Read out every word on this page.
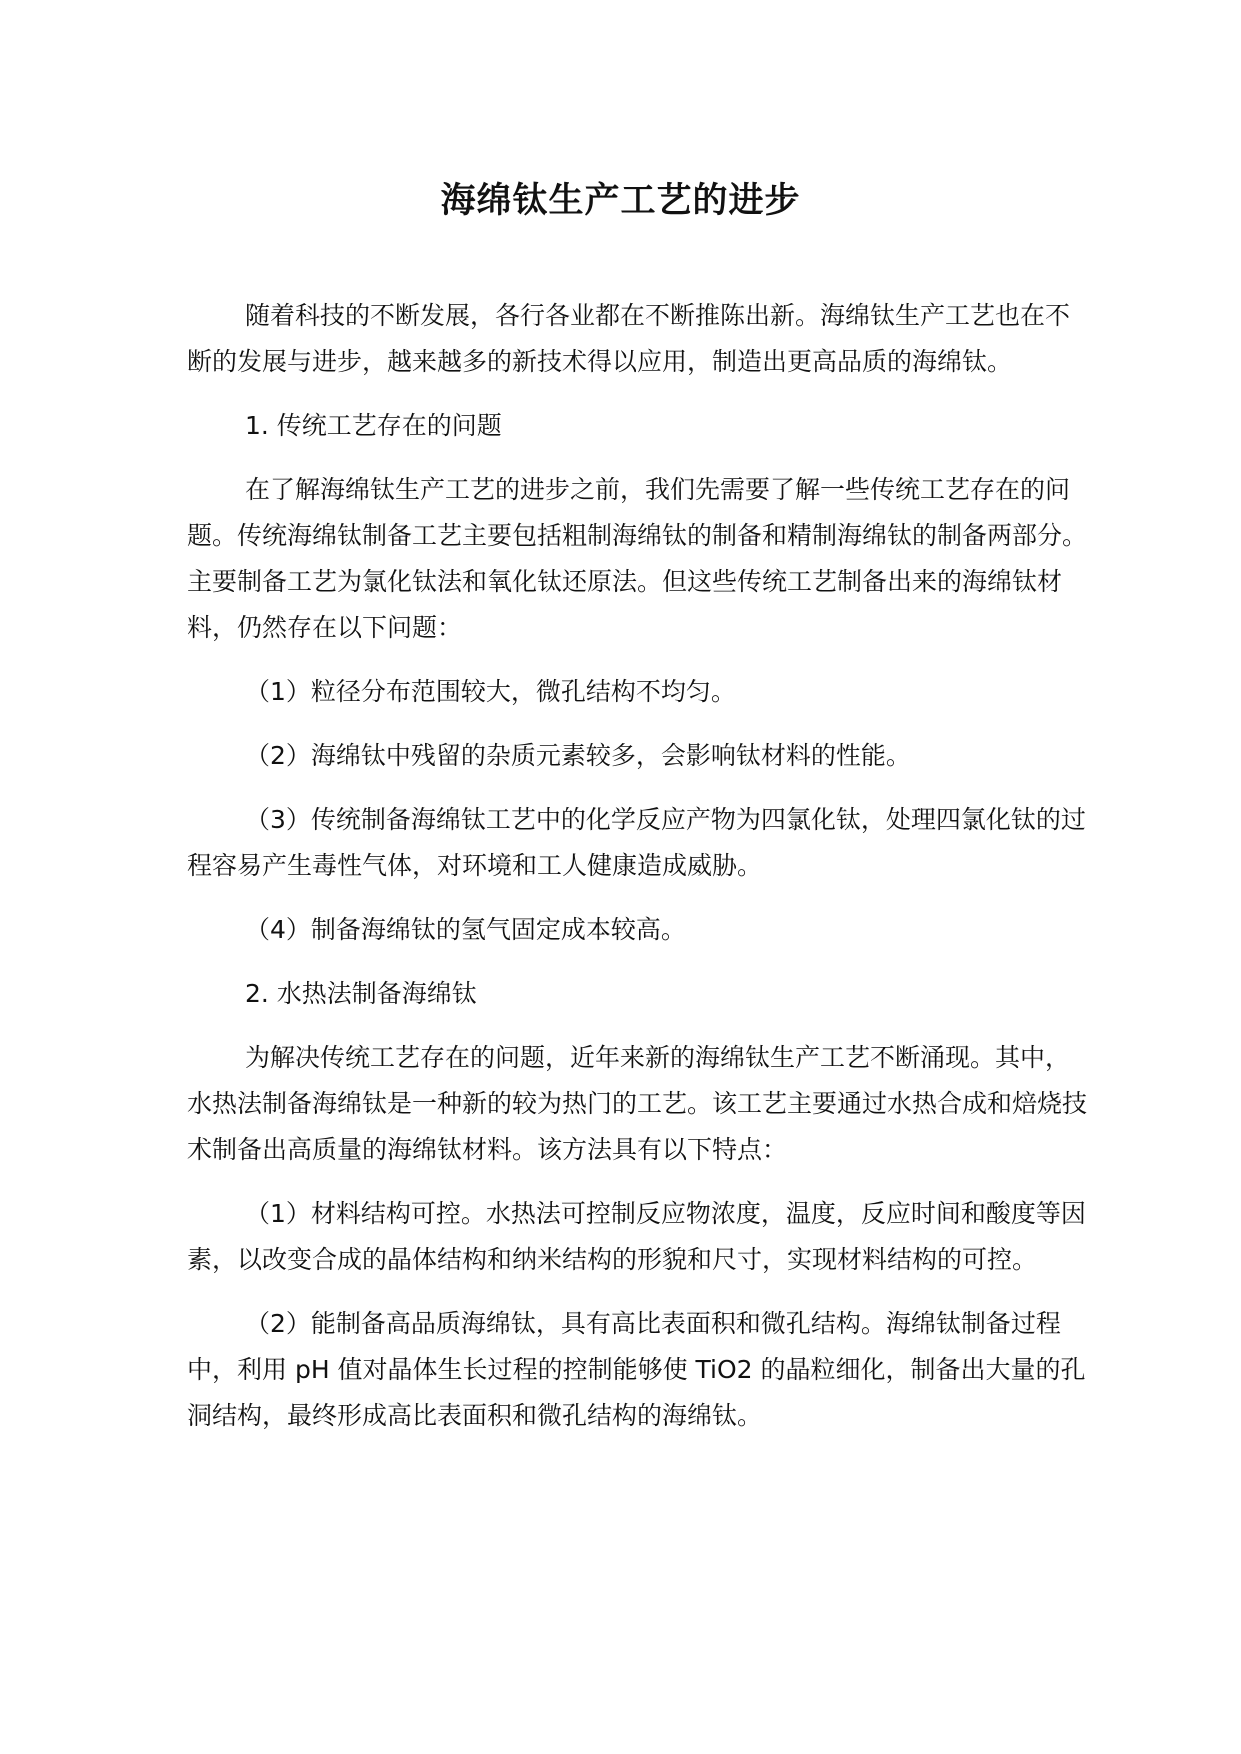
海绵钛生产工艺的进步

随着科技的不断发展，各行各业都在不断推陈出新。海绵钛生产工艺也在不断的发展与进步，越来越多的新技术得以应用，制造出更高品质的海绵钛。

1. 传统工艺存在的问题

在了解海绵钛生产工艺的进步之前，我们先需要了解一些传统工艺存在的问题。传统海绵钛制备工艺主要包括粗制海绵钛的制备和精制海绵钛的制备两部分。主要制备工艺为氯化钛法和氧化钛还原法。但这些传统工艺制备出来的海绵钛材料，仍然存在以下问题：

（1）粒径分布范围较大，微孔结构不均匀。

（2）海绵钛中残留的杂质元素较多，会影响钛材料的性能。

（3）传统制备海绵钛工艺中的化学反应产物为四氯化钛，处理四氯化钛的过程容易产生毒性气体，对环境和工人健康造成威胁。

（4）制备海绵钛的氢气固定成本较高。

2. 水热法制备海绵钛

为解决传统工艺存在的问题，近年来新的海绵钛生产工艺不断涌现。其中，水热法制备海绵钛是一种新的较为热门的工艺。该工艺主要通过水热合成和焙烧技术制备出高质量的海绵钛材料。该方法具有以下特点：

（1）材料结构可控。水热法可控制反应物浓度，温度，反应时间和酸度等因素，以改变合成的晶体结构和纳米结构的形貌和尺寸，实现材料结构的可控。

（2）能制备高品质海绵钛，具有高比表面积和微孔结构。海绵钛制备过程中，利用 pH 值对晶体生长过程的控制能够使 TiO2 的晶粒细化，制备出大量的孔洞结构，最终形成高比表面积和微孔结构的海绵钛。
